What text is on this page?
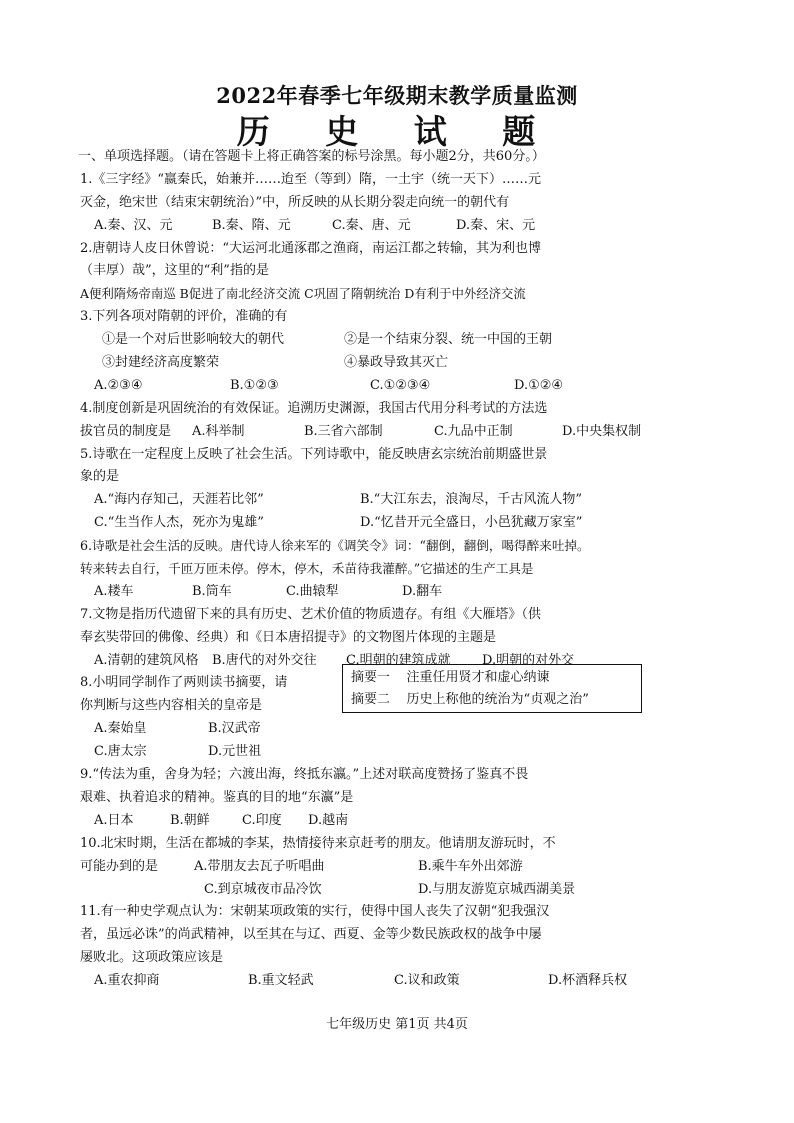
2022年春季七年级期末教学质量监测
历 史 试 题
一、单项选择题。（请在答题卡上将正确答案的标号涂黑。每小题2分，共60分。）
1.《三字经》“嬴秦氏，始兼并……迨至（等到）隋，一土宇（统一天下）……元
灭金，绝宋世（结束宋朝统治）”中，所反映的从长期分裂走向统一的朝代有
A.秦、汉、元	B.秦、隋、元	C.秦、唐、元	D.秦、宋、元
2.唐朝诗人皮日休曾说：“大运河北通涿郡之渔商，南运江都之转输，其为利也博
（丰厚）哉”，这里的“利”指的是
A便利隋炀帝南巡 B促进了南北经济交流 C巩固了隋朝统治 D有利于中外经济交流
3.下列各项对隋朝的评价，准确的有
①是一个对后世影响较大的朝代	②是一个结束分裂、统一中国的王朝
③封建经济高度繁荣	④暴政导致其灭亡
A.②③④	B.①②③	C.①②③④	D.①②④
4.制度创新是巩固统治的有效保证。追溯历史渊源，我国古代用分科考试的方法选
拔官员的制度是	A.科举制	B.三省六部制	C.九品中正制	D.中央集权制
5.诗歌在一定程度上反映了社会生活。下列诗歌中，能反映唐玄宗统治前期盛世景
象的是
A.“海内存知己，天涯若比邻”	B.“大江东去，浪淘尽，千古风流人物”
C.“生当作人杰，死亦为鬼雄”	D.“忆昔开元全盛日，小邑犹藏万家室”
6.诗歌是社会生活的反映。唐代诗人徐来军的《调笑令》词：“翻倒，翻倒，喝得醉来吐掉。
转来转去自行，千匝万匝未停。停木，停木，禾苗待我灌醉。”它描述的生产工具是
A.耧车	B.筒车	C.曲辕犁	D.翻车
7.文物是指历代遗留下来的具有历史、艺术价值的物质遗存。有组《大雁塔》（供
奉玄奘带回的佛像、经典）和《日本唐招提寺》的文物图片体现的主题是
A.清朝的建筑风格	B.唐代的对外交往	C.明朝的建筑成就	D.明朝的对外交
8.小明同学制作了两则读书摘要，请
你判断与这些内容相关的皇帝是
A.秦始皇	B.汉武帝
C.唐太宗	D.元世祖
9.“传法为重，舍身为轻；六渡出海，终抵东瀛。”上述对联高度赞扬了鉴真不畏
艰难、执着追求的精神。鉴真的目的地“东瀛”是
A.日本	B.朝鲜	C.印度	D.越南
10.北宋时期，生活在都城的李某，热情接待来京赶考的朋友。他请朋友游玩时，不
可能办到的是	A.带朋友去瓦子听唱曲	B.乘牛车外出郊游
C.到京城夜市品冷饮	D.与朋友游览京城西湖美景
11.有一种史学观点认为：宋朝某项政策的实行，使得中国人丧失了汉朝“犯我强汉
者，虽远必诛”的尚武精神，以至其在与辽、西夏、金等少数民族政权的战争中屡
屡败北。这项政策应该是
A.重农抑商	B.重文轻武	C.议和政策	D.杯酒释兵权
摘要一 注重任用贤才和虚心纳谏
摘要二 历史上称他的统治为“贞观之治”
七年级历史 第1页 共4页
